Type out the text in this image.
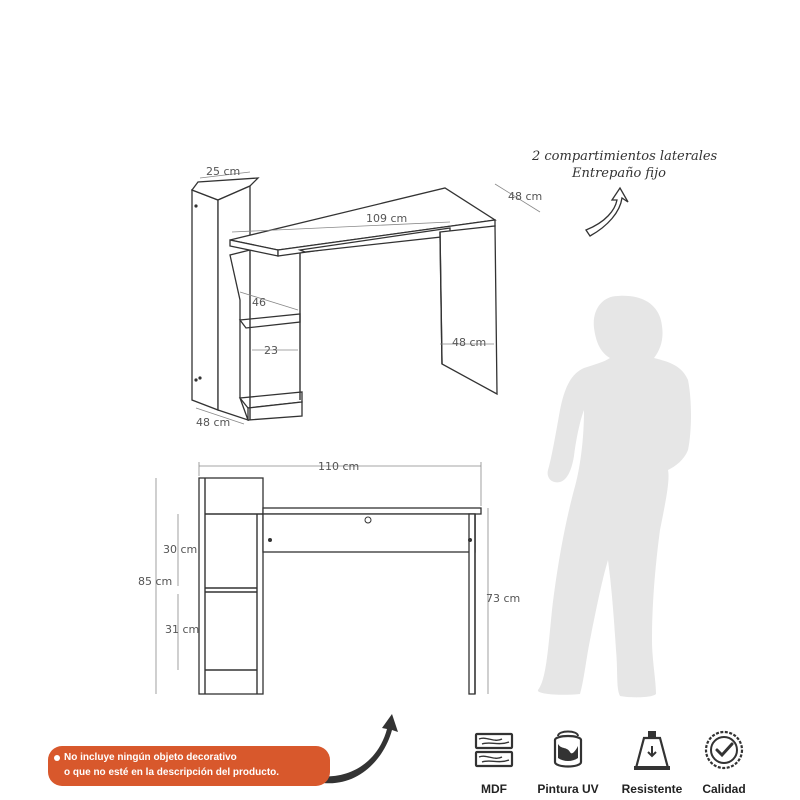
25 cm
48 cm
109 cm
46
23
48 cm
48 cm
2 compartimientos laterales
Entrepaño fijo
110 cm
30 cm
85 cm
31 cm
73 cm
No incluye ningún objeto decorativo
o que no esté en la descripción del producto.
MDF	Pintura UV	Resistente	Calidad
